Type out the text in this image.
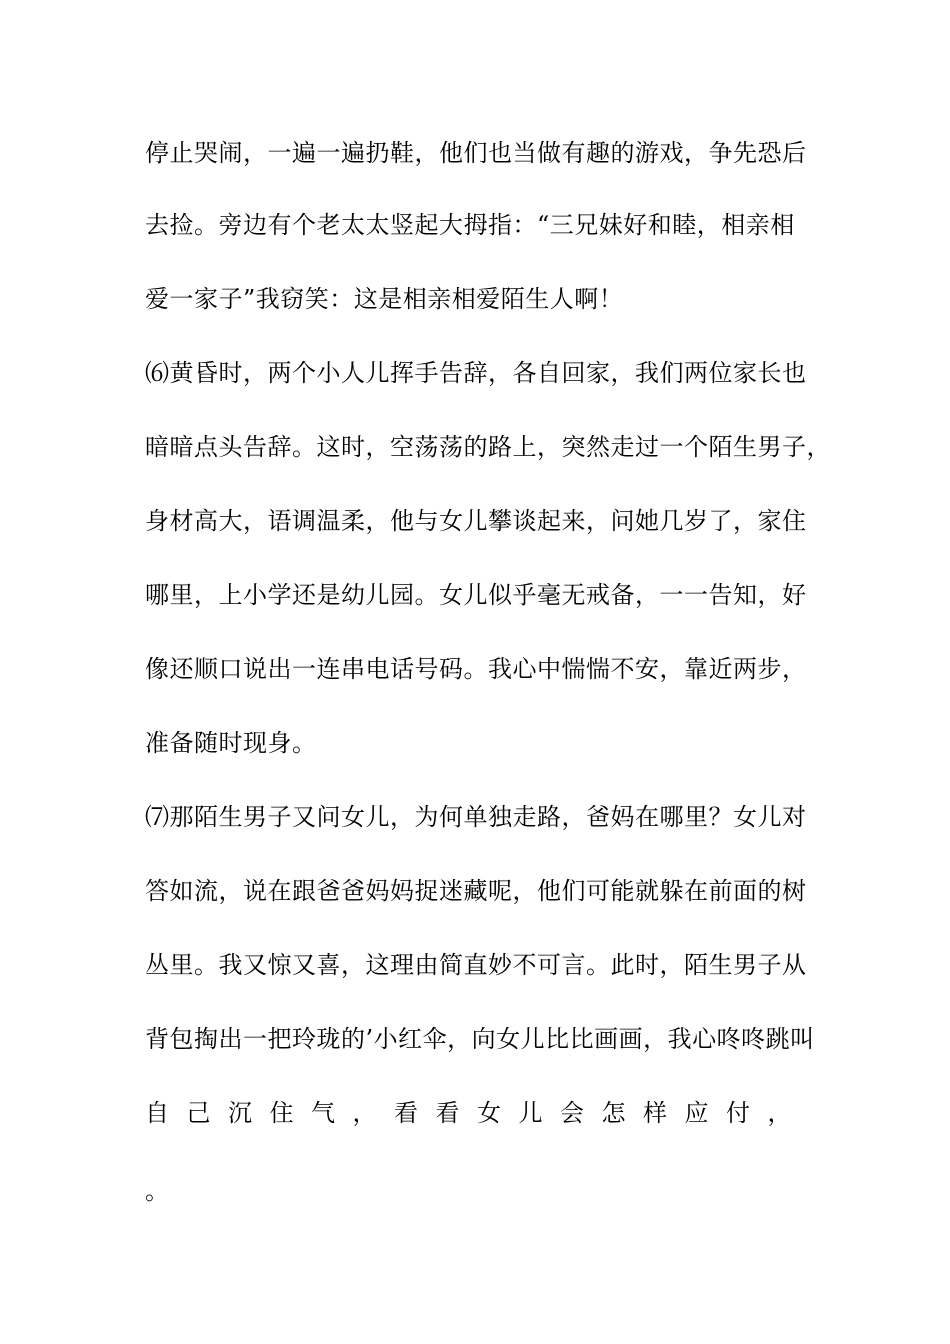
停止哭闹，一遍一遍扔鞋，他们也当做有趣的游戏，争先恐后
去捡。旁边有个老太太竖起大拇指：“三兄妹好和睦，相亲相
爱一家子”我窃笑：这是相亲相爱陌生人啊！
⑹黄昏时，两个小人儿挥手告辞，各自回家，我们两位家长也
暗暗点头告辞。这时，空荡荡的路上，突然走过一个陌生男子，
身材高大，语调温柔，他与女儿攀谈起来，问她几岁了，家住
哪里，上小学还是幼儿园。女儿似乎毫无戒备，一一告知，好
像还顺口说出一连串电话号码。我心中惴惴不安，靠近两步，
准备随时现身。
⑺那陌生男子又问女儿，为何单独走路，爸妈在哪里？女儿对
答如流，说在跟爸爸妈妈捉迷藏呢，他们可能就躲在前面的树
丛里。我又惊又喜，这理由简直妙不可言。此时，陌生男子从
背包掏出一把玲珑的’小红伞，向女儿比比画画，我心咚咚跳叫
自己沉住气，看看女儿会怎样应付，
。
